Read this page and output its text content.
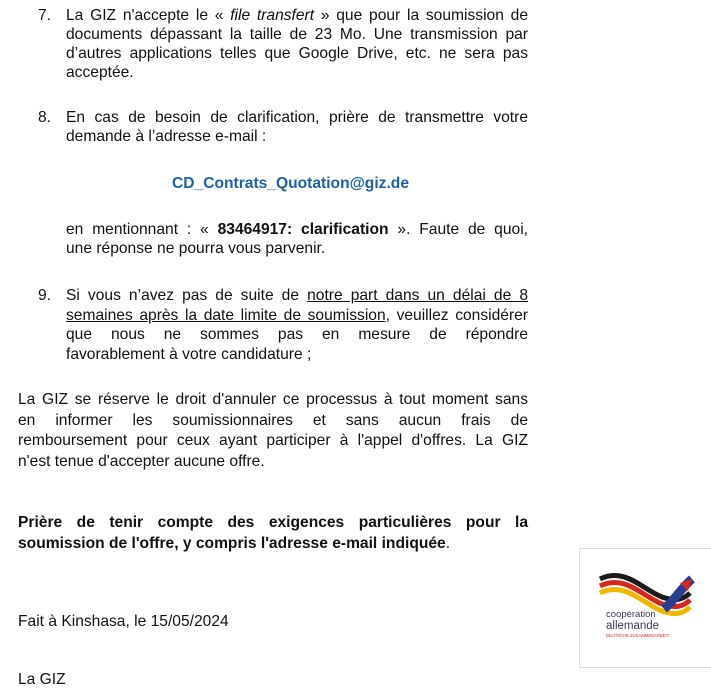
7. La GIZ n'accepte le « file transfert » que pour la soumission de
documents dépassant la taille de 23 Mo. Une transmission par
d’autres applications telles que Google Drive, etc. ne sera pas
acceptée.
8. En cas de besoin de clarification, prière de transmettre votre
demande à l’adresse e-mail :
CD_Contrats_Quotation@giz.de
en mentionnant : « 83464917: clarification ». Faute de quoi,
une réponse ne pourra vous parvenir.
9. Si vous n’avez pas de suite de notre part dans un délai de 8
semaines après la date limite de soumission, veuillez considérer
que nous ne sommes pas en mesure de répondre
favorablement à votre candidature ;
La GIZ se réserve le droit d'annuler ce processus à tout moment sans
en informer les soumissionnaires et sans aucun frais de
remboursement pour ceux ayant participer à l'appel d'offres. La GIZ
n'est tenue d'accepter aucune offre.
Prière de tenir compte des exigences particulières pour la
soumission de l'offre, y compris l'adresse e-mail indiquée.
Fait à Kinshasa, le 15/05/2024
La GIZ
coopération
allemande
DEUTSCHE ZUSAMMENARBEIT
